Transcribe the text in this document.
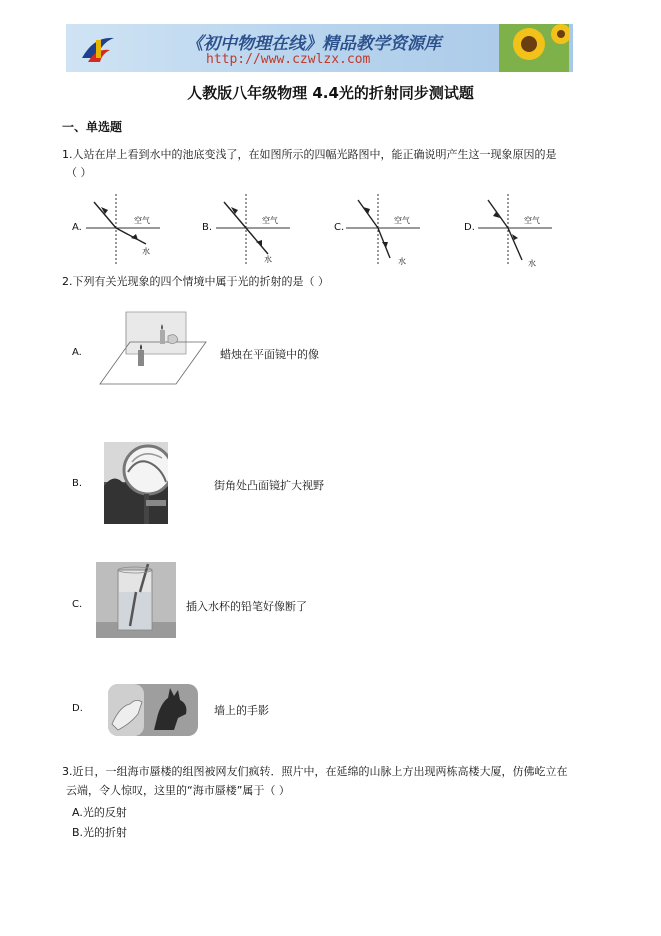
《初中物理在线》精品教学资源库
http://www.czwlzx.com
人教版八年级物理 4.4光的折射同步测试题
一、单选题
1.人站在岸上看到水中的池底变浅了，在如图所示的四幅光路图中，能正确说明产生这一现象原因的是
（ ）
A.
空气
水
B.
空气
水
C.
空气
水
D.
空气
水
2.下列有关光现象的四个情境中属于光的折射的是（ ）
A.	蜡烛在平面镜中的像
B.	街角处凸面镜扩大视野
C.	插入水杯的铅笔好像断了
D.	墙上的手影
3.近日，一组海市蜃楼的组图被网友们疯转．照片中，在延绵的山脉上方出现两栋高楼大厦，仿佛屹立在
云端，令人惊叹，这里的“海市蜃楼”属于（ ）
A.光的反射
B.光的折射
